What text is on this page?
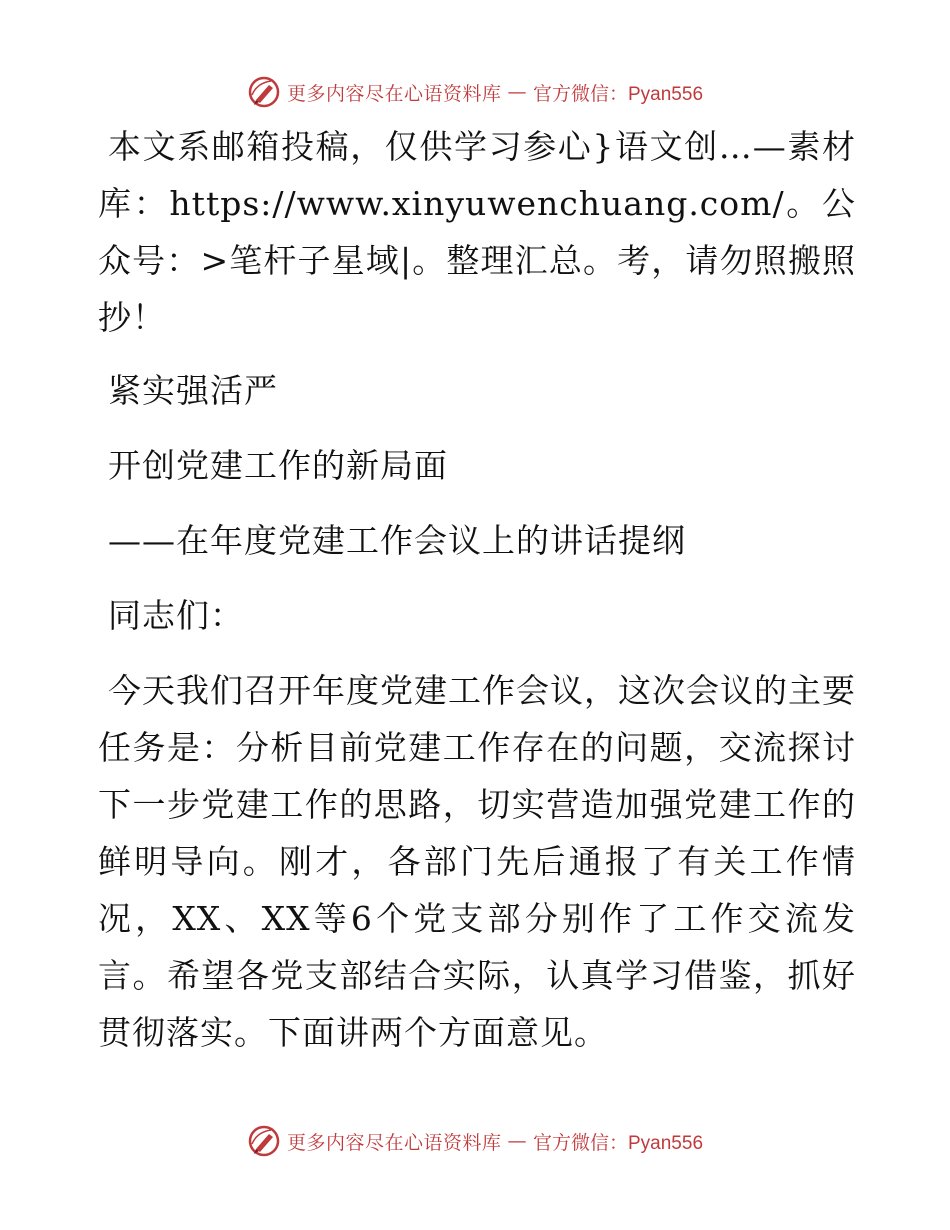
更多内容尽在心语资料库 — 官方微信：Pyan556

本文系邮箱投稿，仅供学习参心}语文创…—素材库：https://www.xinyuwenchuang.com/。公众号：>笔杆子星域|。整理汇总。考，请勿照搬照抄！

紧实强活严

开创党建工作的新局面

——在年度党建工作会议上的讲话提纲

同志们：

今天我们召开年度党建工作会议，这次会议的主要任务是：分析目前党建工作存在的问题，交流探讨下一步党建工作的思路，切实营造加强党建工作的鲜明导向。刚才，各部门先后通报了有关工作情况，XX、XX等6个党支部分别作了工作交流发言。希望各党支部结合实际，认真学习借鉴，抓好贯彻落实。下面讲两个方面意见。

更多内容尽在心语资料库 — 官方微信：Pyan556
